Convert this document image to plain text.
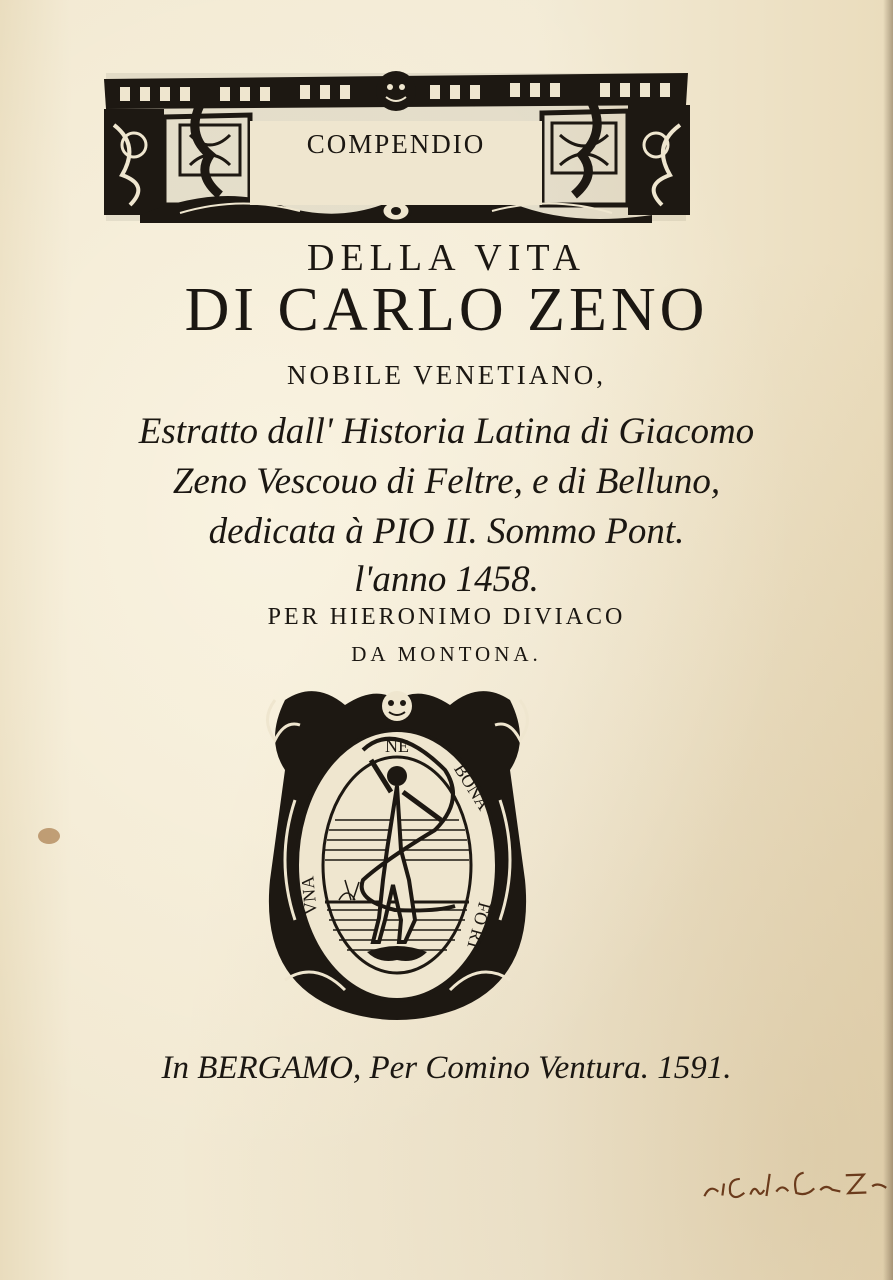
COMPENDIO
DELLA VITA
DI CARLO ZENO
NOBILE VENETIANO,
Estratto dall' Historia Latina di Giacomo
Zeno Vescouo di Feltre, e di Belluno,
dedicata à PIO II. Sommo Pont.
l'anno 1458.
PER HIERONIMO DIVIACO
DA MONTONA.
NE
BONA
FO RT
VNA
In BERGAMO, Per Comino Ventura. 1591.
